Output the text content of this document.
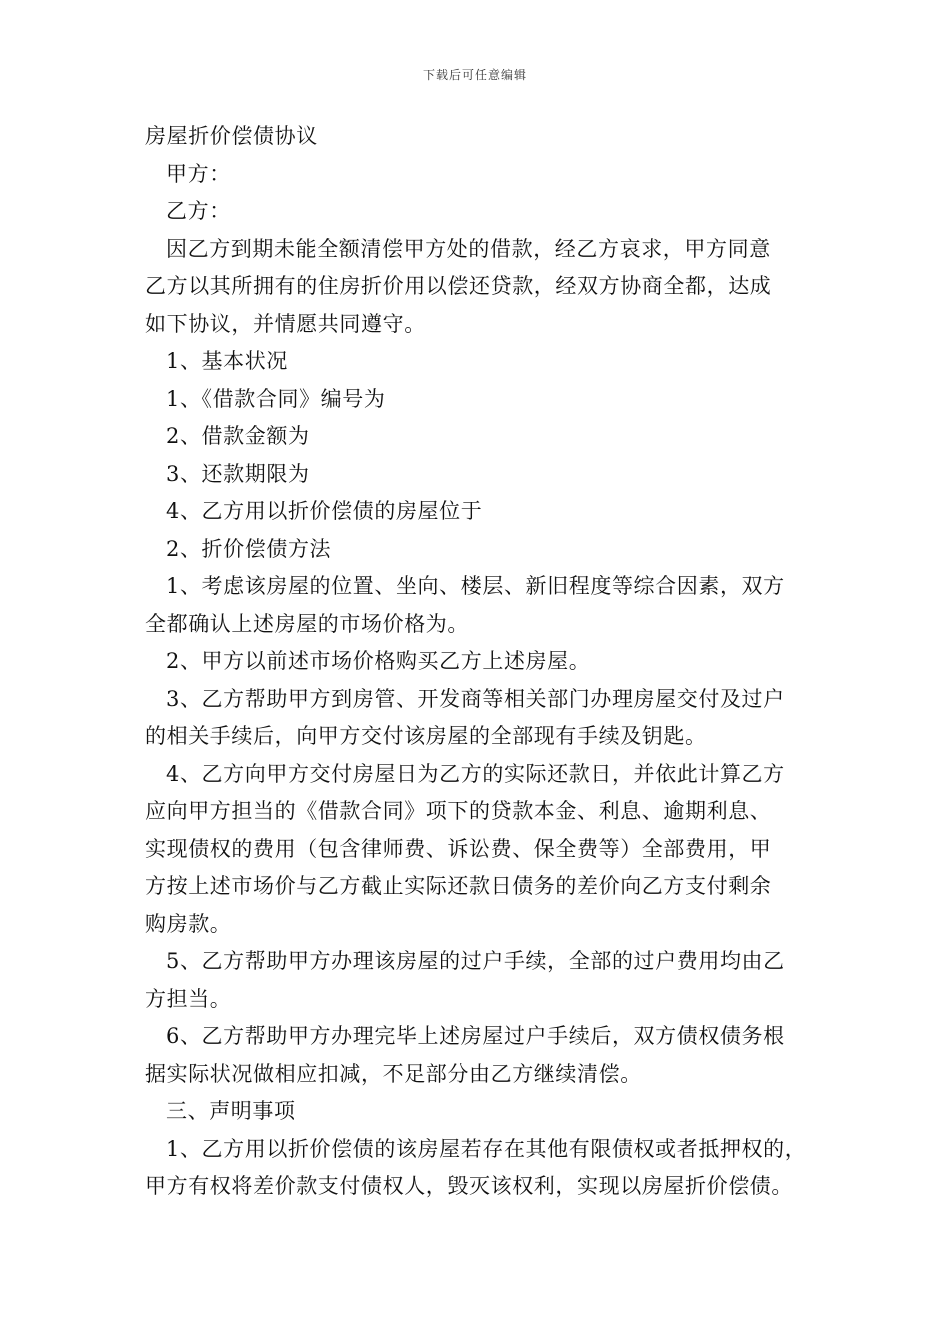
下载后可任意编辑

房屋折价偿债协议

甲方：

乙方：

因乙方到期未能全额清偿甲方处的借款，经乙方哀求，甲方同意

乙方以其所拥有的住房折价用以偿还贷款，经双方协商全都，达成

如下协议，并情愿共同遵守。

1、基本状况

1、《借款合同》编号为

2、借款金额为

3、还款期限为

4、乙方用以折价偿债的房屋位于

2、折价偿债方法

1、考虑该房屋的位置、坐向、楼层、新旧程度等综合因素，双方

全都确认上述房屋的市场价格为。

2、甲方以前述市场价格购买乙方上述房屋。

3、乙方帮助甲方到房管、开发商等相关部门办理房屋交付及过户

的相关手续后，向甲方交付该房屋的全部现有手续及钥匙。

4、乙方向甲方交付房屋日为乙方的实际还款日，并依此计算乙方

应向甲方担当的《借款合同》项下的贷款本金、利息、逾期利息、

实现债权的费用（包含律师费、诉讼费、保全费等）全部费用，甲

方按上述市场价与乙方截止实际还款日债务的差价向乙方支付剩余

购房款。

5、乙方帮助甲方办理该房屋的过户手续，全部的过户费用均由乙

方担当。

6、乙方帮助甲方办理完毕上述房屋过户手续后，双方债权债务根

据实际状况做相应扣减，不足部分由乙方继续清偿。

三、声明事项

1、乙方用以折价偿债的该房屋若存在其他有限债权或者抵押权的，

甲方有权将差价款支付债权人，毁灭该权利，实现以房屋折价偿债。
